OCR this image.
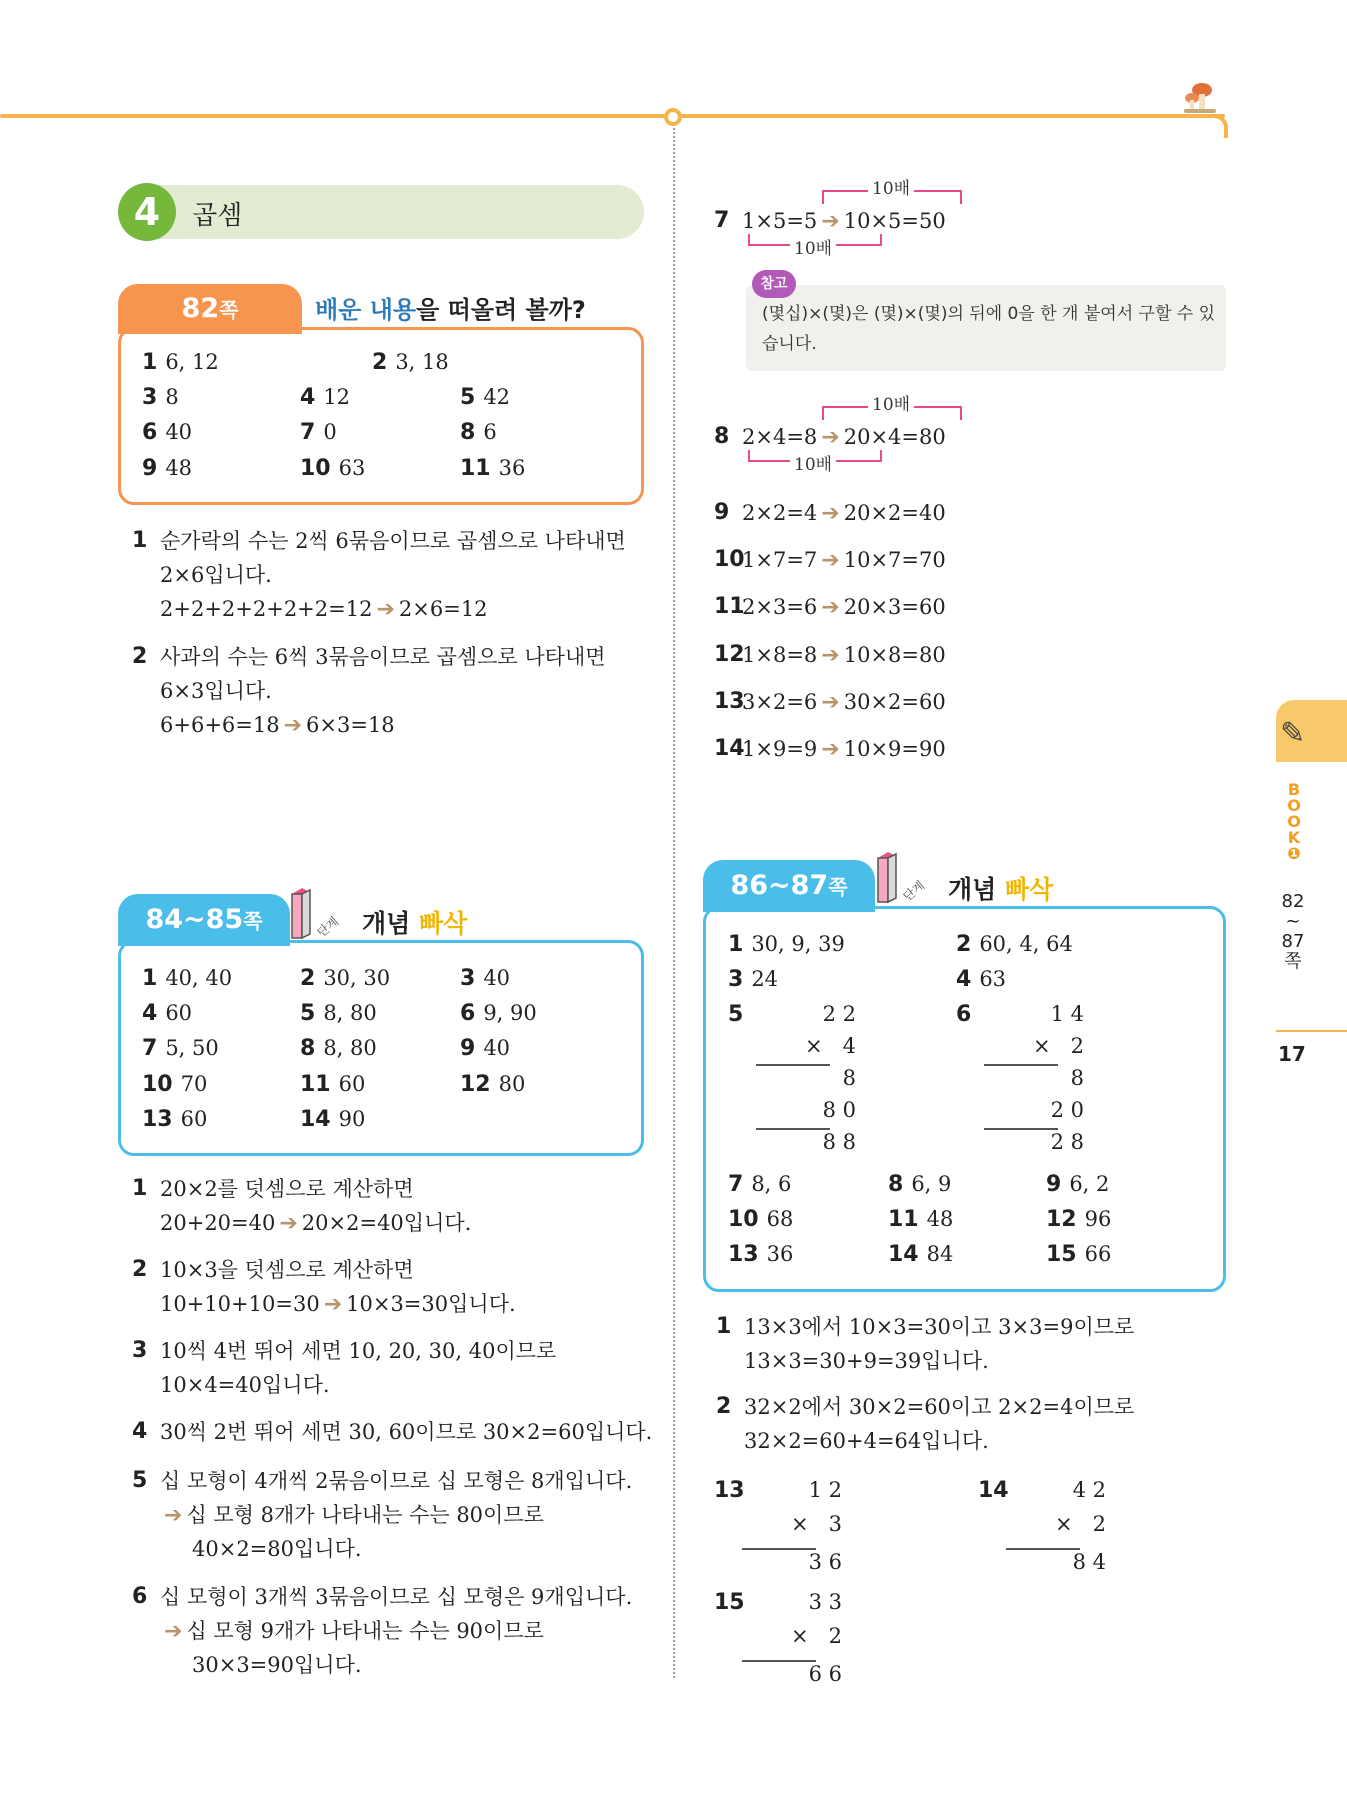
4	곱셈
82쪽	배운 내용을 떠올려 볼까?
1 6, 12	2 3, 18
3 8	4 12	5 42
6 40	7 0	8 6
9 48	10 63	11 36
1 순가락의 수는 2씩 6묶음이므로 곱셈으로 나타내면
2×6입니다.
2+2+2+2+2+2=12 ➔ 2×6=12
2 사과의 수는 6씩 3묶음이므로 곱셈으로 나타내면
6×3입니다.
6+6+6=18 ➔ 6×3=18
84~85쪽	단계 개념 빠삭
1 40, 40	2 30, 30	3 40
4 60	5 8, 80	6 9, 90
7 5, 50	8 8, 80	9 40
10 70	11 60	12 80
13 60	14 90
1 20×2를 덧셈으로 계산하면
20+20=40 ➔ 20×2=40입니다.
2 10×3을 덧셈으로 계산하면
10+10+10=30 ➔ 10×3=30입니다.
3 10씩 4번 뛰어 세면 10, 20, 30, 40이므로
10×4=40입니다.
4 30씩 2번 뛰어 세면 30, 60이므로 30×2=60입니다.
5 십 모형이 4개씩 2묶음이므로 십 모형은 8개입니다.
➔ 십 모형 8개가 나타내는 수는 80이므로
40×2=80입니다.
6 십 모형이 3개씩 3묶음이므로 십 모형은 9개입니다.
➔ 십 모형 9개가 나타내는 수는 90이므로
30×3=90입니다.
7 1×5=5 ➔ 10×5=50
10배
10배
참고
(몇십)×(몇)은 (몇)×(몇)의 뒤에 0을 한 개 붙여서 구할 수 있습니다.
8 2×4=8 ➔ 20×4=80
10배
10배
9 2×2=4 ➔ 20×2=40
10
1×7=7 ➔ 10×7=70
11
2×3=6 ➔ 20×3=60
12
1×8=8 ➔ 10×8=80
13
3×2=6 ➔ 30×2=60
14
1×9=9 ➔ 10×9=90
86~87쪽	단계 개념 빠삭
1 30, 9, 39	2 60, 4, 64
3 24	4 63
5	2 2
×   4
8
8 0
8 8
6	1 4
×   2
8
2 0
2 8
7 8, 6	8 6, 9	9 6, 2
10 68	11 48	12 96
13 36	14 84	15 66
1 13×3에서 10×3=30이고 3×3=9이므로
13×3=30+9=39입니다.
2 32×2에서 30×2=60이고 2×2=4이므로
32×2=60+4=64입니다.
13	1 2
×   3
3 6
14	4 2
×   2
8 4
15	3 3
×   2
6 6
✎
B
O
O
K
❶
82
~
87
쪽
17
